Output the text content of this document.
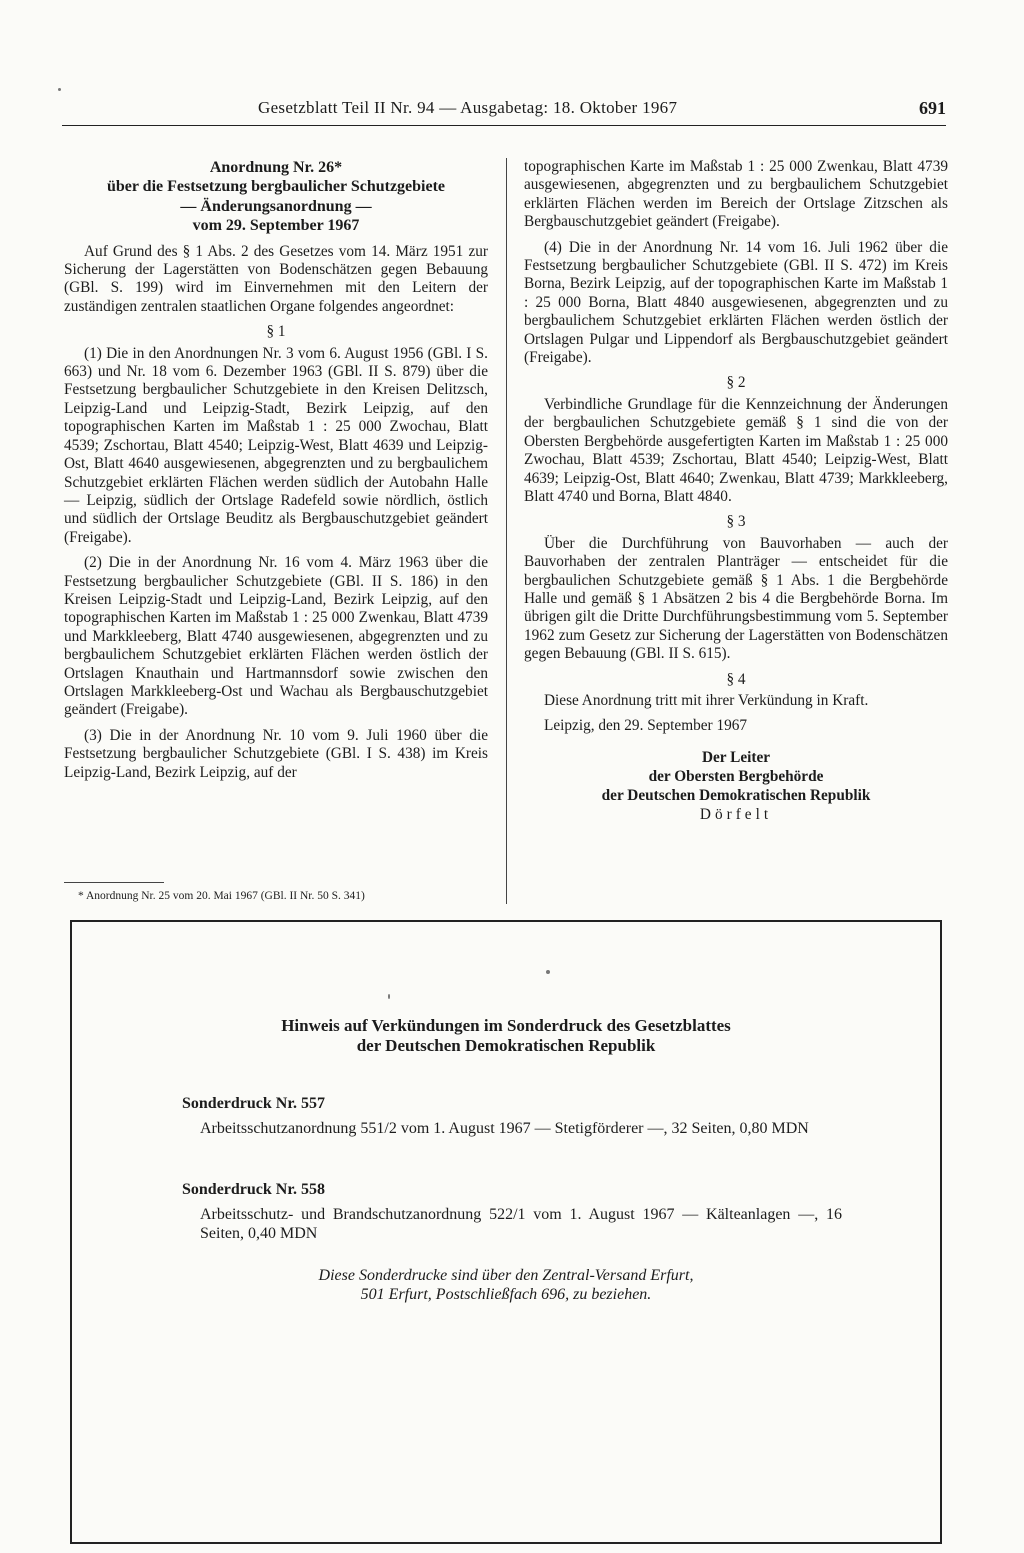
Gesetzblatt Teil II Nr. 94 — Ausgabetag: 18. Oktober 1967	691
Anordnung Nr. 26*
über die Festsetzung bergbaulicher Schutzgebiete
— Änderungsanordnung —
vom 29. September 1967

Auf Grund des § 1 Abs. 2 des Gesetzes vom 14. März 1951 zur Sicherung der Lagerstätten von Bodenschätzen gegen Bebauung (GBl. S. 199) wird im Einvernehmen mit den Leitern der zuständigen zentralen staatlichen Organe folgendes angeordnet:

§ 1

(1) Die in den Anordnungen Nr. 3 vom 6. August 1956 (GBl. I S. 663) und Nr. 18 vom 6. Dezember 1963 (GBl. II S. 879) über die Festsetzung bergbaulicher Schutzgebiete in den Kreisen Delitzsch, Leipzig-Land und Leipzig-Stadt, Bezirk Leipzig, auf den topographischen Karten im Maßstab 1 : 25 000 Zwochau, Blatt 4539; Zschortau, Blatt 4540; Leipzig-West, Blatt 4639 und Leipzig-Ost, Blatt 4640 ausgewiesenen, abgegrenzten und zu bergbaulichem Schutzgebiet erklärten Flächen werden südlich der Autobahn Halle — Leipzig, südlich der Ortslage Radefeld sowie nördlich, östlich und südlich der Ortslage Beuditz als Bergbauschutzgebiet geändert (Freigabe).

(2) Die in der Anordnung Nr. 16 vom 4. März 1963 über die Festsetzung bergbaulicher Schutzgebiete (GBl. II S. 186) in den Kreisen Leipzig-Stadt und Leipzig-Land, Bezirk Leipzig, auf den topographischen Karten im Maßstab 1 : 25 000 Zwenkau, Blatt 4739 und Markkleeberg, Blatt 4740 ausgewiesenen, abgegrenzten und zu bergbaulichem Schutzgebiet erklärten Flächen werden östlich der Ortslagen Knauthain und Hartmannsdorf sowie zwischen den Ortslagen Markkleeberg-Ost und Wachau als Bergbauschutzgebiet geändert (Freigabe).

(3) Die in der Anordnung Nr. 10 vom 9. Juli 1960 über die Festsetzung bergbaulicher Schutzgebiete (GBl. I S. 438) im Kreis Leipzig-Land, Bezirk Leipzig, auf der

topographischen Karte im Maßstab 1 : 25 000 Zwenkau, Blatt 4739 ausgewiesenen, abgegrenzten und zu bergbaulichem Schutzgebiet erklärten Flächen werden im Bereich der Ortslage Zitzschen als Bergbauschutzgebiet geändert (Freigabe).

(4) Die in der Anordnung Nr. 14 vom 16. Juli 1962 über die Festsetzung bergbaulicher Schutzgebiete (GBl. II S. 472) im Kreis Borna, Bezirk Leipzig, auf der topographischen Karte im Maßstab 1 : 25 000 Borna, Blatt 4840 ausgewiesenen, abgegrenzten und zu bergbaulichem Schutzgebiet erklärten Flächen werden östlich der Ortslagen Pulgar und Lippendorf als Bergbauschutzgebiet geändert (Freigabe).

§ 2

Verbindliche Grundlage für die Kennzeichnung der Änderungen der bergbaulichen Schutzgebiete gemäß § 1 sind die von der Obersten Bergbehörde ausgefertigten Karten im Maßstab 1 : 25 000 Zwochau, Blatt 4539; Zschortau, Blatt 4540; Leipzig-West, Blatt 4639; Leipzig-Ost, Blatt 4640; Zwenkau, Blatt 4739; Markkleeberg, Blatt 4740 und Borna, Blatt 4840.

§ 3

Über die Durchführung von Bauvorhaben — auch der Bauvorhaben der zentralen Planträger — entscheidet für die bergbaulichen Schutzgebiete gemäß § 1 Abs. 1 die Bergbehörde Halle und gemäß § 1 Absätzen 2 bis 4 die Bergbehörde Borna. Im übrigen gilt die Dritte Durchführungsbestimmung vom 5. September 1962 zum Gesetz zur Sicherung der Lagerstätten von Bodenschätzen gegen Bebauung (GBl. II S. 615).

§ 4

Diese Anordnung tritt mit ihrer Verkündung in Kraft.

Leipzig, den 29. September 1967
Der Leiter
der Obersten Bergbehörde
der Deutschen Demokratischen Republik
Dörfelt
* Anordnung Nr. 25 vom 20. Mai 1967 (GBl. II Nr. 50 S. 341)
Hinweis auf Verkündungen im Sonderdruck des Gesetzblattes
der Deutschen Demokratischen Republik
Sonderdruck Nr. 557
Arbeitsschutzanordnung 551/2 vom 1. August 1967 — Stetigförderer —, 32 Seiten, 0,80 MDN
Sonderdruck Nr. 558
Arbeitsschutz- und Brandschutzanordnung 522/1 vom 1. August 1967 — Kälteanlagen —, 16 Seiten, 0,40 MDN
Diese Sonderdrucke sind über den Zentral-Versand Erfurt,
501 Erfurt, Postschließfach 696, zu beziehen.
